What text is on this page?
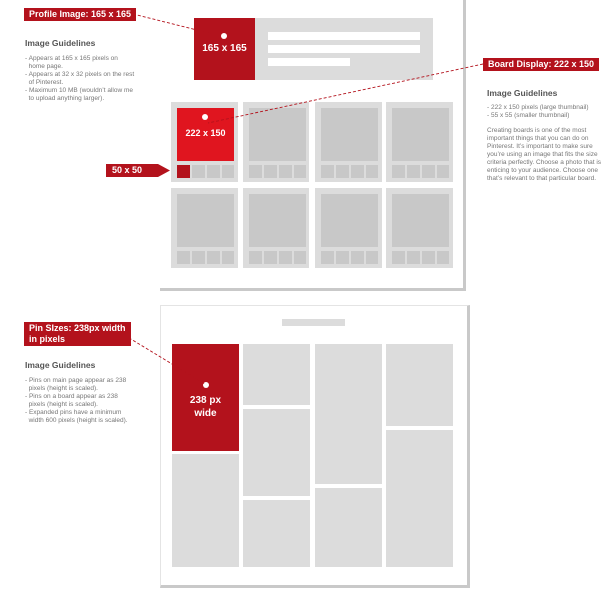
165 x 165
222 x 150
238 px
wide
Profile Image: 165 x 165
Board Display: 222 x 150
50 x 50
Pin SIzes: 238px width
in pixels
Image Guidelines
- Appears at 165 x 165 pixels on
home page.
- Appears at 32 x 32 pixels on the rest
of Pinterest.
- Maximum 10 MB (wouldn’t allow me
to upload anything larger).
Image Guidelines
- 222 x 150 pixels (large thumbnail)
- 55 x 55 (smaller thumbnail)

Creating boards is one of the most important things that you can do on Pinterest. It’s important to make sure you’re using an image that fits the size criteria perfectly. Choose a photo that is enticing to your audience. Choose one that’s relevant to that particular board.

Image Guidelines
- Pins on main page appear as 238
pixels (height is scaled).
- Pins on a board appear as 238
pixels (height is scaled).
- Expanded pins have a minimum
width 600 pixels (height is scaled).
